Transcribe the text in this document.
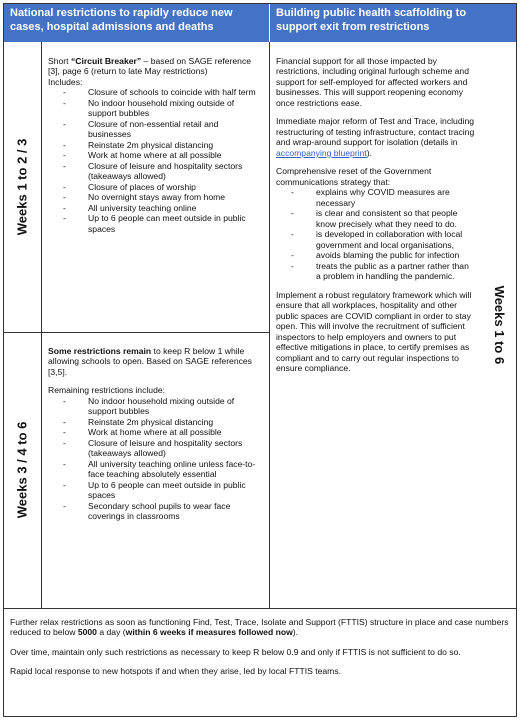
National restrictions to rapidly reduce new cases, hospital admissions and deaths
Building public health scaffolding to support exit from restrictions
Weeks 1 to 2 / 3

Short “Circuit Breaker” – based on SAGE reference [3], page 6 (return to late May restrictions)

Includes:

- Closure of schools to coincide with half term
- No indoor household mixing outside of support bubbles
- Closure of non-essential retail and businesses
- Reinstate 2m physical distancing
- Work at home where at all possible
- Closure of leisure and hospitality sectors (takeaways allowed)
- Closure of places of worship
- No overnight stays away from home
- All university teaching online
- Up to 6 people can meet outside in public spaces
Weeks 3 / 4 to 6

Some restrictions remain to keep R below 1 while allowing schools to open. Based on SAGE references [3,5].

Remaining restrictions include:

- No indoor household mixing outside of support bubbles
- Reinstate 2m physical distancing
- Work at home where at all possible
- Closure of leisure and hospitality sectors (takeaways allowed)
- All university teaching online unless face-to-face teaching absolutely essential
- Up to 6 people can meet outside in public spaces
- Secondary school pupils to wear face coverings in classrooms

Financial support for all those impacted by restrictions, including original furlough scheme and support for self-employed for affected workers and businesses. This will support reopening economy once restrictions ease.

Immediate major reform of Test and Trace, including restructuring of testing infrastructure, contact tracing and wrap-around support for isolation (details in accompanying blueprint).

Comprehensive reset of the Government communications strategy that:

- explains why COVID measures are necessary
- is clear and consistent so that people know precisely what they need to do.
- is developed in collaboration with local government and local organisations,
- avoids blaming the public for infection
- treats the public as a partner rather than a problem in handling the pandemic.

Implement a robust regulatory framework which will ensure that all workplaces, hospitality and other public spaces are COVID compliant in order to stay open. This will involve the recruitment of sufficient inspectors to help employers and owners to put effective mitigations in place, to certify premises as compliant and to carry out regular inspections to ensure compliance.

Weeks 1 to 6

Further relax restrictions as soon as functioning Find, Test, Trace, Isolate and Support (FTTIS) structure in place and case numbers reduced to below 5000 a day (within 6 weeks if measures followed now).

Over time, maintain only such restrictions as necessary to keep R below 0.9 and only if FTTIS is not sufficient to do so.

Rapid local response to new hotspots if and when they arise, led by local FTTIS teams.
